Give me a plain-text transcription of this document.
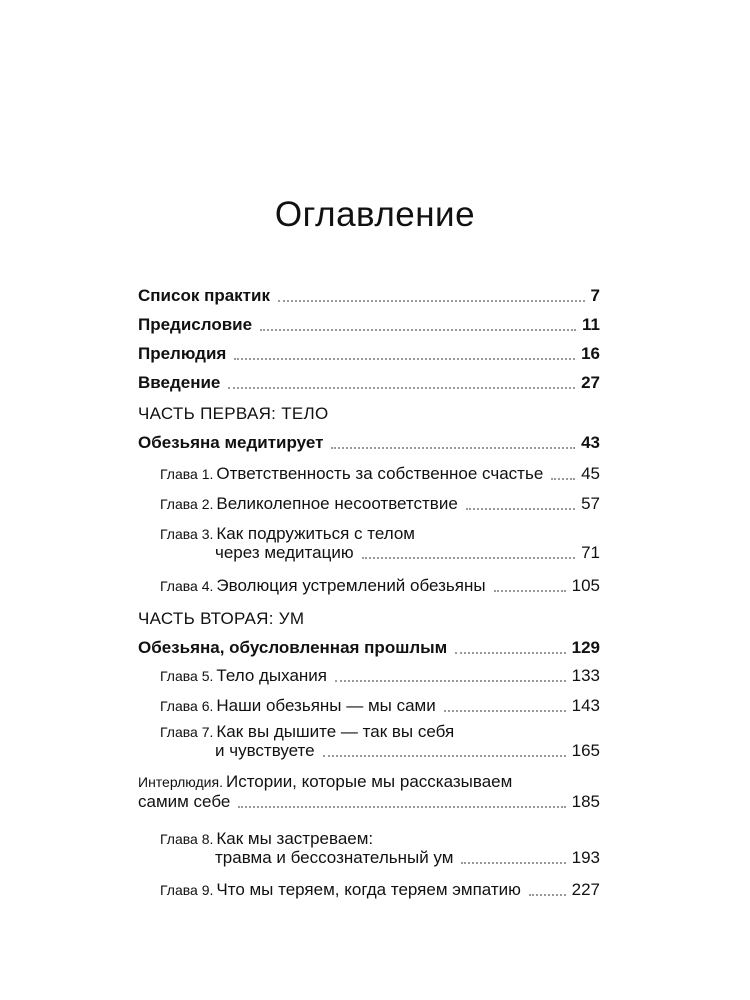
Оглавление
Список практик	7
Предисловие	11
Прелюдия	16
Введение	27
ЧАСТЬ ПЕРВАЯ: ТЕЛО
Обезьяна медитирует	43
Глава 1. Ответственность за собственное счастье 45
Глава 2. Великолепное несоответствие	57
Глава 3. Как подружиться с телом
через медитацию	71
Глава 4. Эволюция устремлений обезьяны	105
ЧАСТЬ ВТОРАЯ: УМ
Обезьяна, обусловленная прошлым	129
Глава 5. Тело дыхания	133
Глава 6. Наши обезьяны — мы сами	143
Глава 7. Как вы дышите — так вы себя
и чувствуете	165
Интерлюдия. Истории, которые мы рассказываем
самим себе	185
Глава 8. Как мы застреваем:
травма и бессознательный ум	193
Глава 9. Что мы теряем, когда теряем эмпатию	227
